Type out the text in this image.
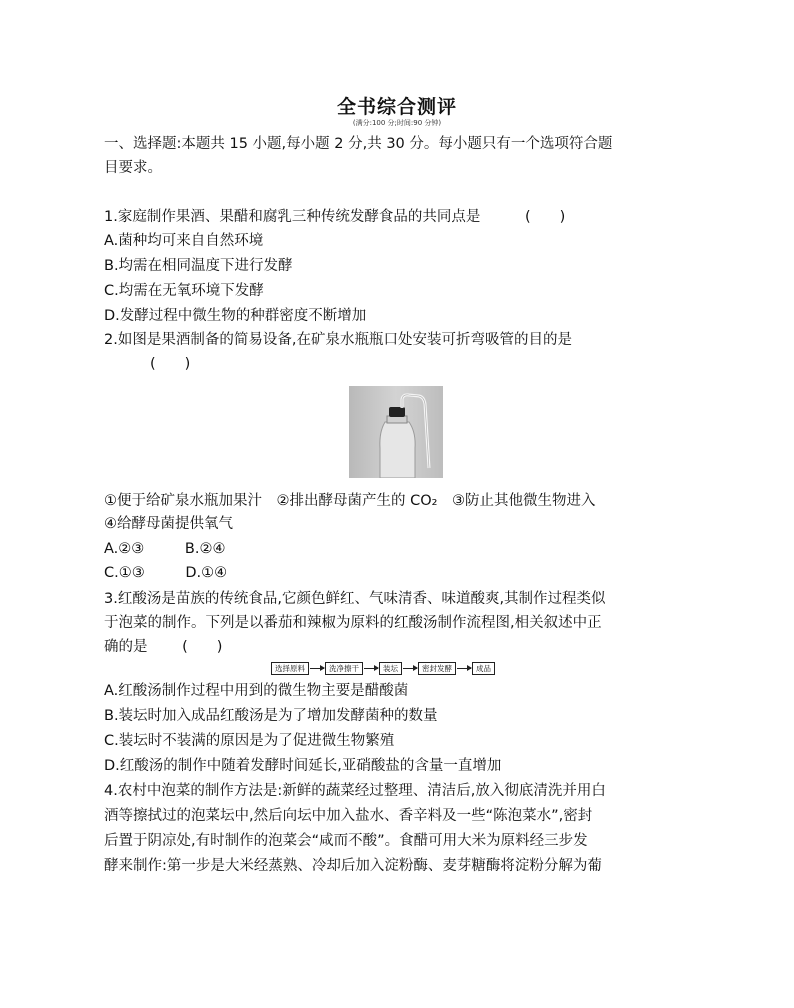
全书综合测评
(满分:100 分;时间:90 分钟)
一、选择题:本题共 15 小题,每小题 2 分,共 30 分。每小题只有一个选项符合题
目要求。
1.家庭制作果酒、果醋和腐乳三种传统发酵食品的共同点是	(　　)
A.菌种均可来自自然环境
B.均需在相同温度下进行发酵
C.均需在无氧环境下发酵
D.发酵过程中微生物的种群密度不断增加
2.如图是果酒制备的简易设备,在矿泉水瓶瓶口处安装可折弯吸管的目的是
(　　)
①便于给矿泉水瓶加果汁　②排出酵母菌产生的 CO₂　③防止其他微生物进入
④给酵母菌提供氧气
A.②③	B.②④
C.①③	D.①④
3.红酸汤是苗族的传统食品,它颜色鲜红、气味清香、味道酸爽,其制作过程类似
于泡菜的制作。下列是以番茄和辣椒为原料的红酸汤制作流程图,相关叙述中正
确的是 (　　)
选择原料	洗净擦干	装坛	密封发酵	成品
A.红酸汤制作过程中用到的微生物主要是醋酸菌
B.装坛时加入成品红酸汤是为了增加发酵菌种的数量
C.装坛时不装满的原因是为了促进微生物繁殖
D.红酸汤的制作中随着发酵时间延长,亚硝酸盐的含量一直增加
4.农村中泡菜的制作方法是:新鲜的蔬菜经过整理、清洁后,放入彻底清洗并用白
酒等擦拭过的泡菜坛中,然后向坛中加入盐水、香辛料及一些“陈泡菜水”,密封
后置于阴凉处,有时制作的泡菜会“咸而不酸”。食醋可用大米为原料经三步发
酵来制作:第一步是大米经蒸熟、冷却后加入淀粉酶、麦芽糖酶将淀粉分解为葡
